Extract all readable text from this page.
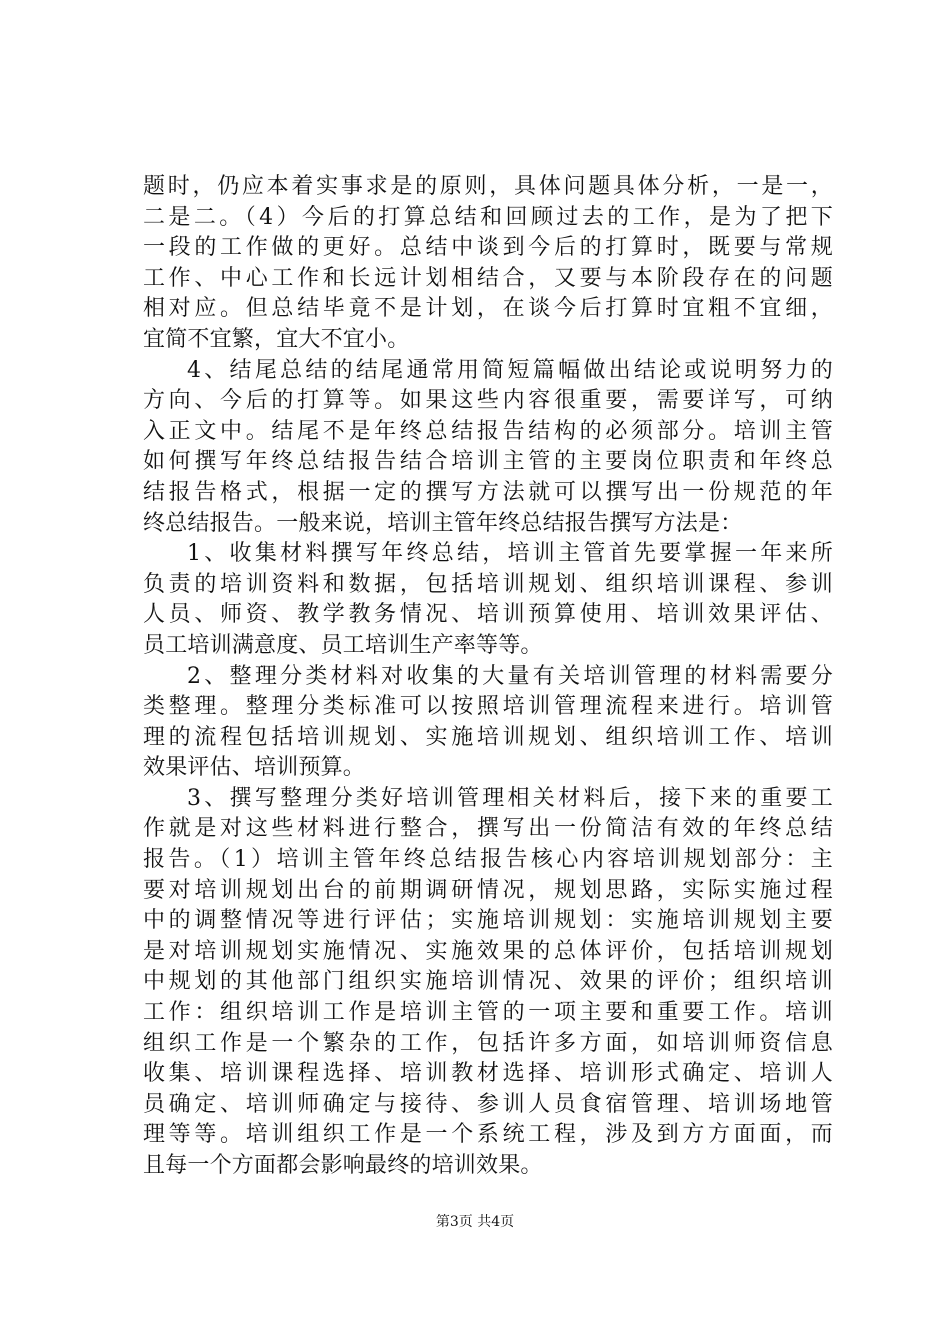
题时，仍应本着实事求是的原则，具体问题具体分析，一是一，
二是二。（4）今后的打算总结和回顾过去的工作，是为了把下
一段的工作做的更好。总结中谈到今后的打算时，既要与常规
工作、中心工作和长远计划相结合，又要与本阶段存在的问题
相对应。但总结毕竟不是计划，在谈今后打算时宜粗不宜细，
宜简不宜繁，宜大不宜小。
4、结尾总结的结尾通常用简短篇幅做出结论或说明努力的
方向、今后的打算等。如果这些内容很重要，需要详写，可纳
入正文中。结尾不是年终总结报告结构的必须部分。培训主管
如何撰写年终总结报告结合培训主管的主要岗位职责和年终总
结报告格式，根据一定的撰写方法就可以撰写出一份规范的年
终总结报告。一般来说，培训主管年终总结报告撰写方法是：
1、收集材料撰写年终总结，培训主管首先要掌握一年来所
负责的培训资料和数据，包括培训规划、组织培训课程、参训
人员、师资、教学教务情况、培训预算使用、培训效果评估、
员工培训满意度、员工培训生产率等等。
2、整理分类材料对收集的大量有关培训管理的材料需要分
类整理。整理分类标准可以按照培训管理流程来进行。培训管
理的流程包括培训规划、实施培训规划、组织培训工作、培训
效果评估、培训预算。
3、撰写整理分类好培训管理相关材料后，接下来的重要工
作就是对这些材料进行整合，撰写出一份简洁有效的年终总结
报告。（1）培训主管年终总结报告核心内容培训规划部分：主
要对培训规划出台的前期调研情况，规划思路，实际实施过程
中的调整情况等进行评估；实施培训规划：实施培训规划主要
是对培训规划实施情况、实施效果的总体评价，包括培训规划
中规划的其他部门组织实施培训情况、效果的评价；组织培训
工作：组织培训工作是培训主管的一项主要和重要工作。培训
组织工作是一个繁杂的工作，包括许多方面，如培训师资信息
收集、培训课程选择、培训教材选择、培训形式确定、培训人
员确定、培训师确定与接待、参训人员食宿管理、培训场地管
理等等。培训组织工作是一个系统工程，涉及到方方面面，而
且每一个方面都会影响最终的培训效果。
第3页 共4页
